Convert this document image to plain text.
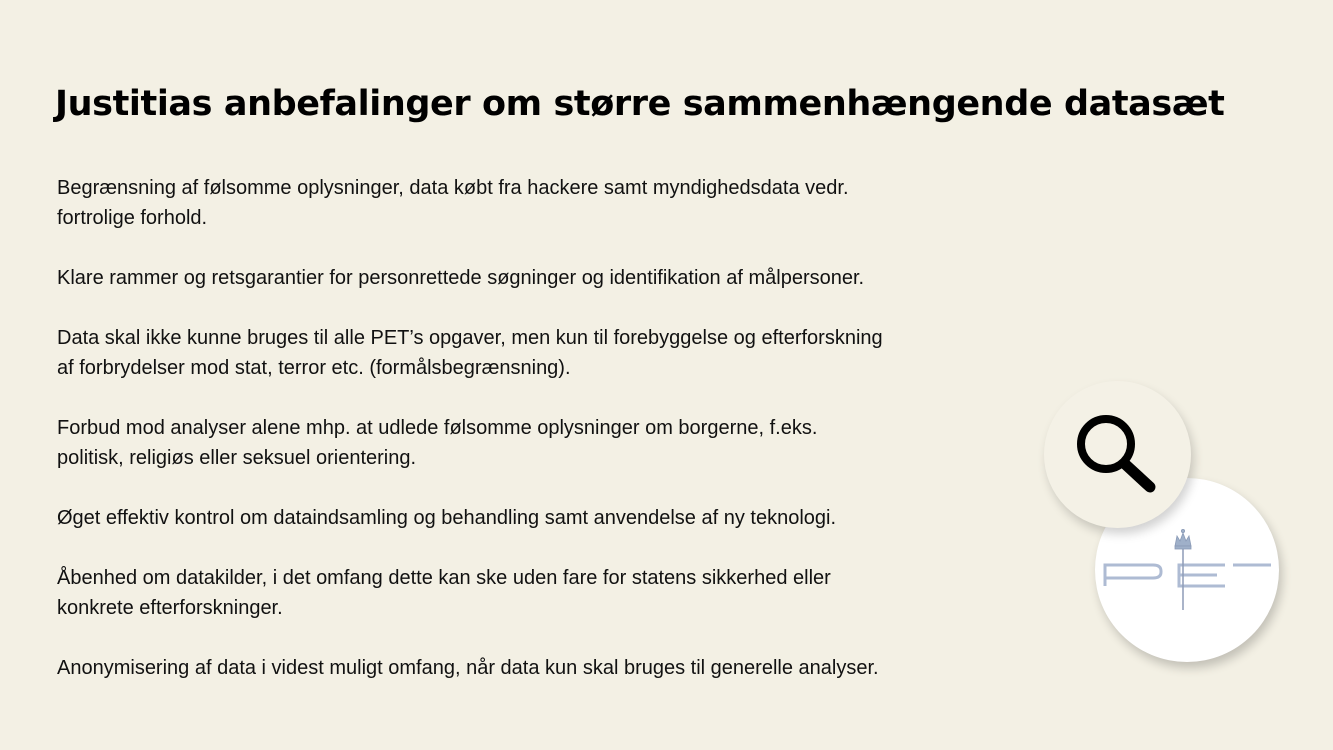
Justitias anbefalinger om større sammenhængende datasæt
Begrænsning af følsomme oplysninger, data købt fra hackere samt myndighedsdata vedr.
fortrolige forhold.
Klare rammer og retsgarantier for personrettede søgninger og identifikation af målpersoner.
Data skal ikke kunne bruges til alle PET’s opgaver, men kun til forebyggelse og efterforskning
af forbrydelser mod stat, terror etc. (formålsbegrænsning).
Forbud mod analyser alene mhp. at udlede følsomme oplysninger om borgerne, f.eks.
politisk, religiøs eller seksuel orientering.
Øget effektiv kontrol om dataindsamling og behandling samt anvendelse af ny teknologi.
Åbenhed om datakilder, i det omfang dette kan ske uden fare for statens sikkerhed eller
konkrete efterforskninger.
Anonymisering af data i videst muligt omfang, når data kun skal bruges til generelle analyser.
